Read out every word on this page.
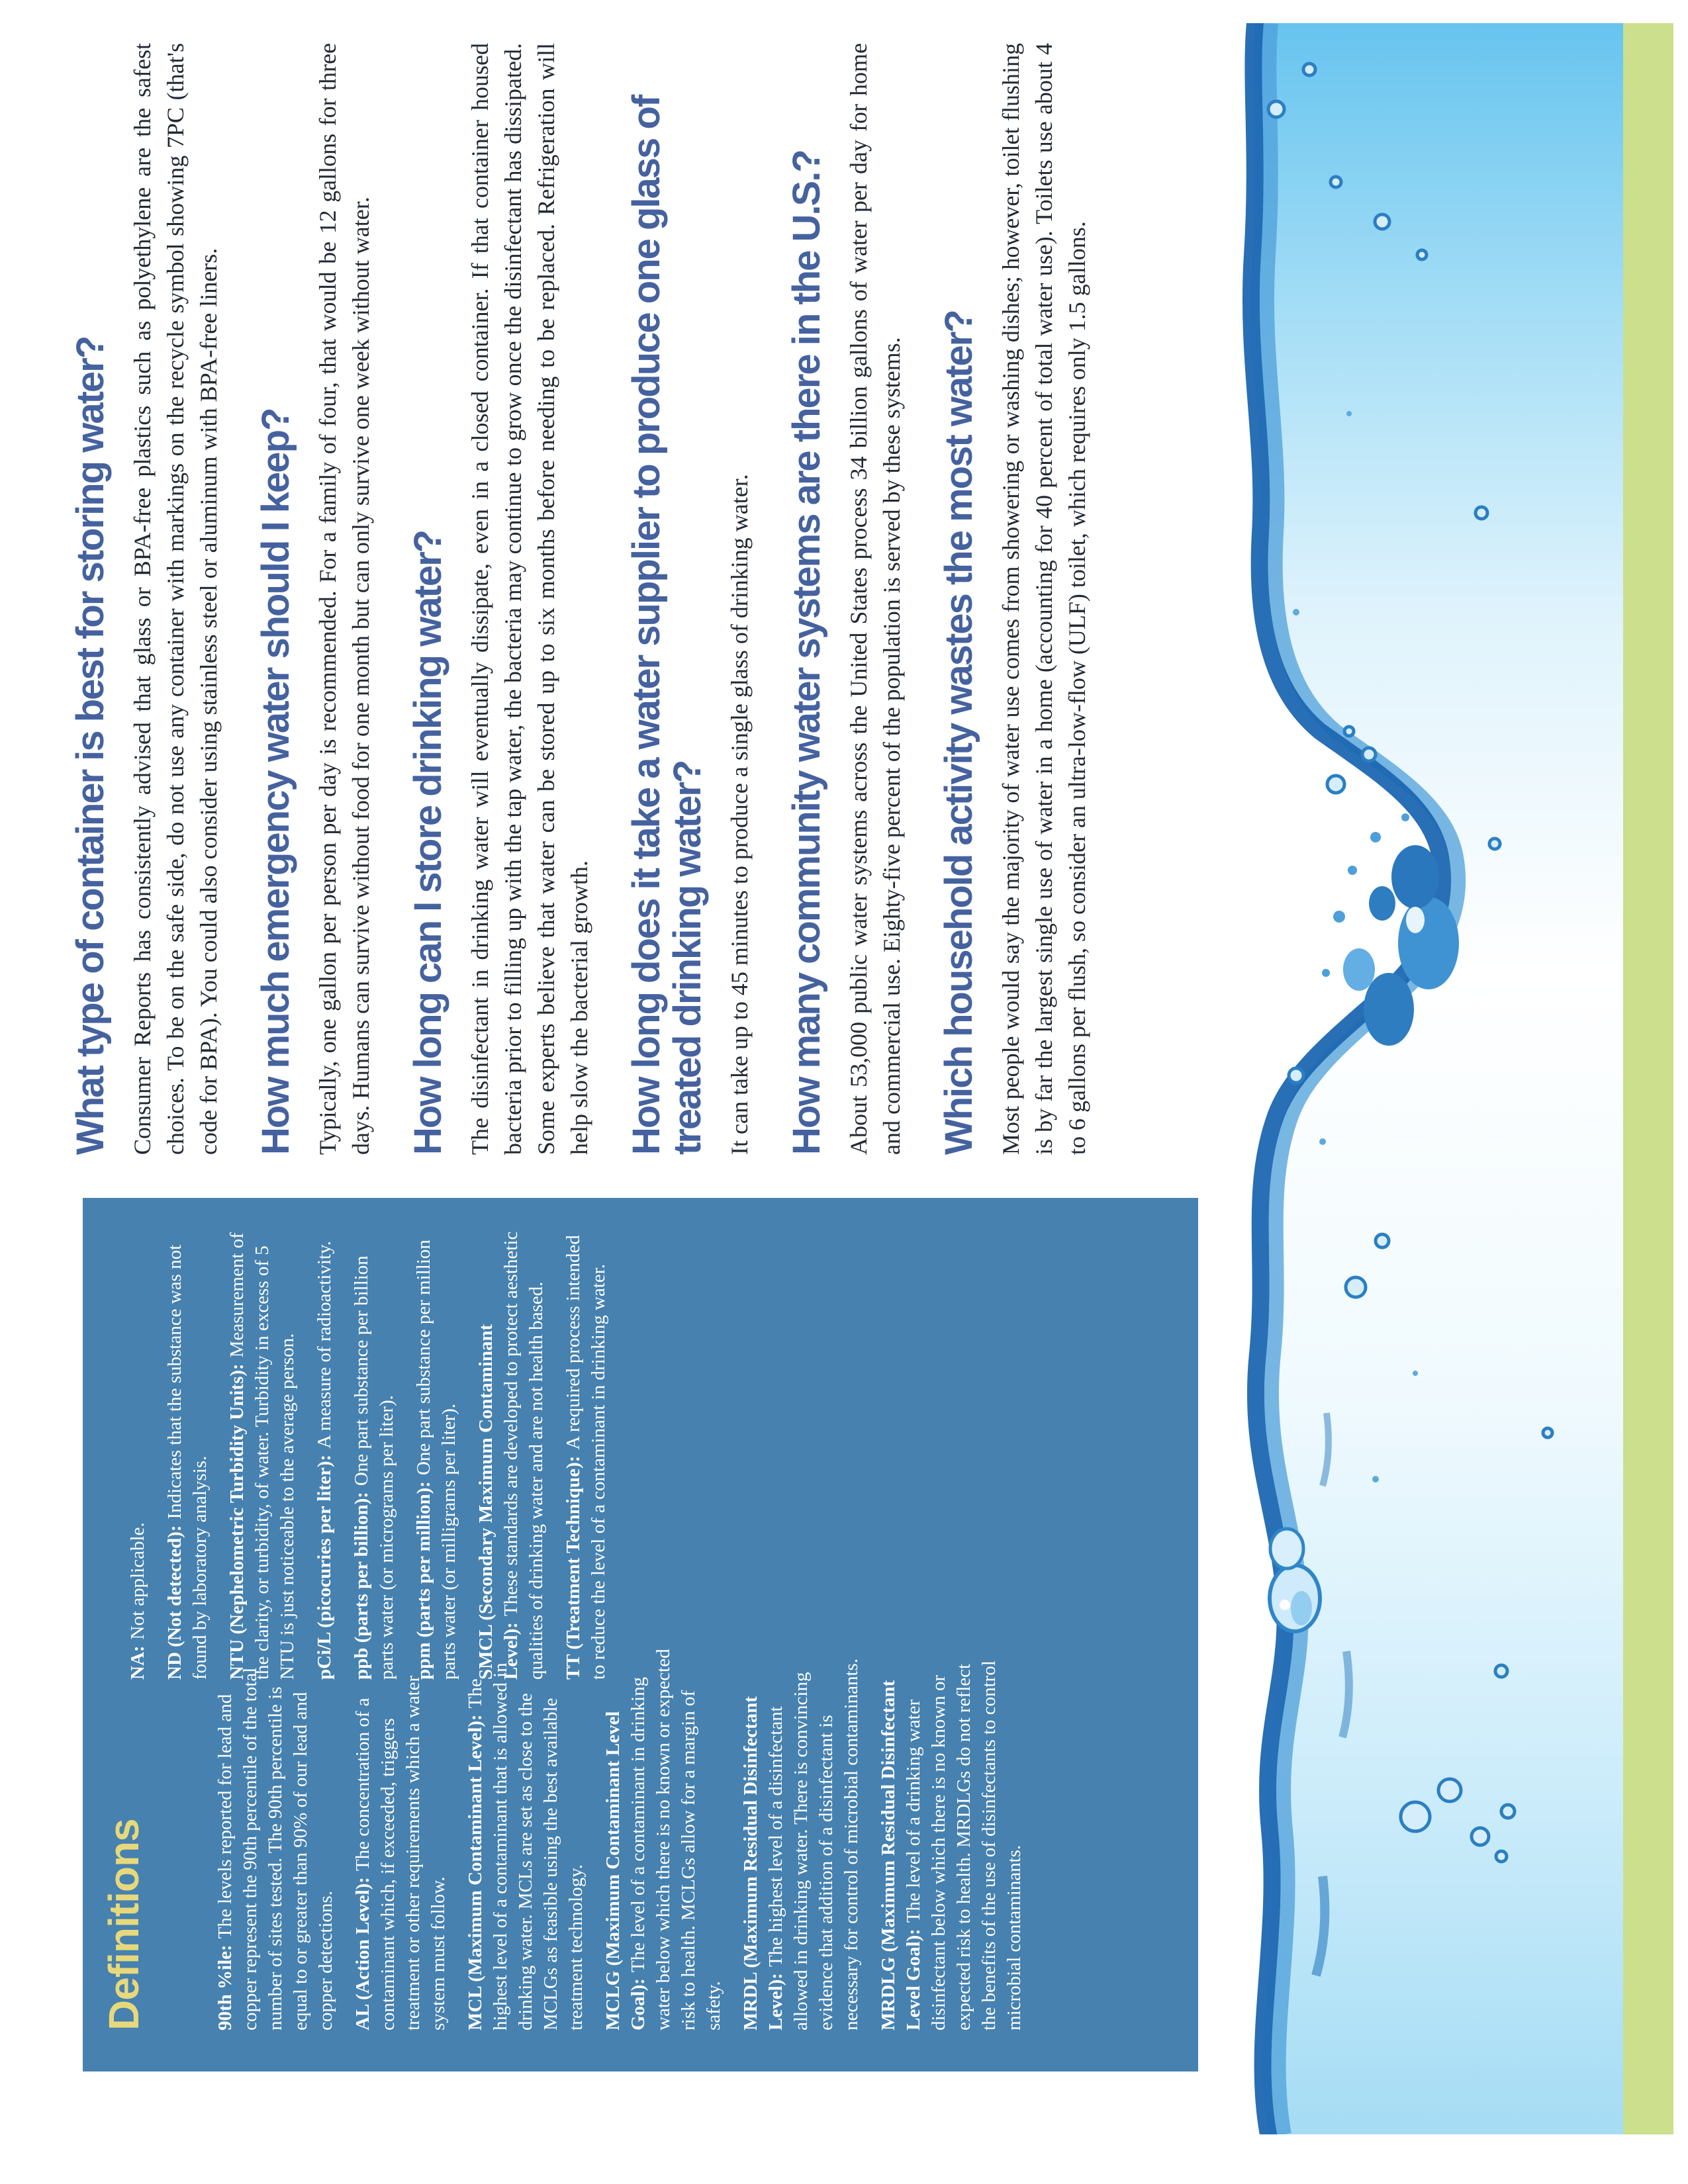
What type of container is best for storing water? Consumer Reports has consistently advised that glass or BPA-free plastics such as polyethylene are the safest choices. To be on the safe side, do not use any container with markings on the recycle symbol showing 7PC (that's code for BPA). You could also consider using stainless steel or aluminum with BPA-free liners. How much emergency water should I keep? Typically, one gallon per person per day is recommended. For a family of four, that would be 12 gallons for three days. Humans can survive without food for one month but can only survive one week without water. How long can I store drinking water? The disinfectant in drinking water will eventually dissipate, even in a closed container. If that container housed bacteria prior to filling up with the tap water, the bacteria may continue to grow once the disinfectant has dissipated. Some experts believe that water can be stored up to six months before needing to be replaced. Refrigeration will help slow the bacterial growth. How long does it take a water supplier to produce one glass of treated drinking water? It can take up to 45 minutes to produce a single glass of drinking water. How many community water systems are there in the U.S.? About 53,000 public water systems across the United States process 34 billion gallons of water per day for home and commercial use. Eighty-five percent of the population is served by these systems. Which household activity wastes the most water? Most people would say the majority of water use comes from showering or washing dishes; however, toilet flushing is by far the largest single use of water in a home (accounting for 40 percent of total water use). Toilets use about 4 to 6 gallons per flush, so consider an ultra-low-flow (ULF) toilet, which requires only 1.5 gallons.

Definitions	90th %ile:The levels reported for lead and copper represent the 90th percentile of the total number of sites tested. The 90th percentile is equal to or greater than 90% of our lead and copper detections. AL (Action Level):The concentration of a contaminant which, if exceeded, triggers treatment or other requirements which a water system must follow. MCL (Maximum Contaminant Level):The highest level of a contaminant that is allowed in drinking water. MCLs are set as close to the MCLGs as feasible using the best available treatment technology. MCLG (Maximum Contaminant Level Goal):The level of a contaminant in drinking water below which there is no known or expected risk to health. MCLGs allow for a margin of safety. MRDL (Maximum Residual Disinfectant Level):The highest level of a disinfectant allowed in drinking water. There is convincing evidence that addition of a disinfectant is necessary for control of microbial contaminants. MRDLG (Maximum Residual Disinfectant Level Goal):The level of a drinking water disinfectant below which there is no known or expected risk to health. MRDLGs do not reflect the benefits of the use of disinfectants to control microbial contaminants.

NA:Not applicable. ND (Not detected):Indicates that the substance was not found by laboratory analysis. NTU (Nephelometric Turbidity Units):Measurement of the clarity, or turbidity, of water. Turbidity in excess of 5 NTU is just noticeable to the average person. pCi/L (picocuries per liter):A measure of radioactivity.

ppb (parts per billion):One part substance per billion parts water (or micrograms per liter). ppm (parts per million):One part substance per million parts water (or milligrams per liter). SMCL (Secondary Maximum Contaminant Level):These standards are developed to protect aesthetic qualities of drinking water and are not health based. TT (Treatment Technique):A required process intended to reduce the level of a contaminant in drinking water.
